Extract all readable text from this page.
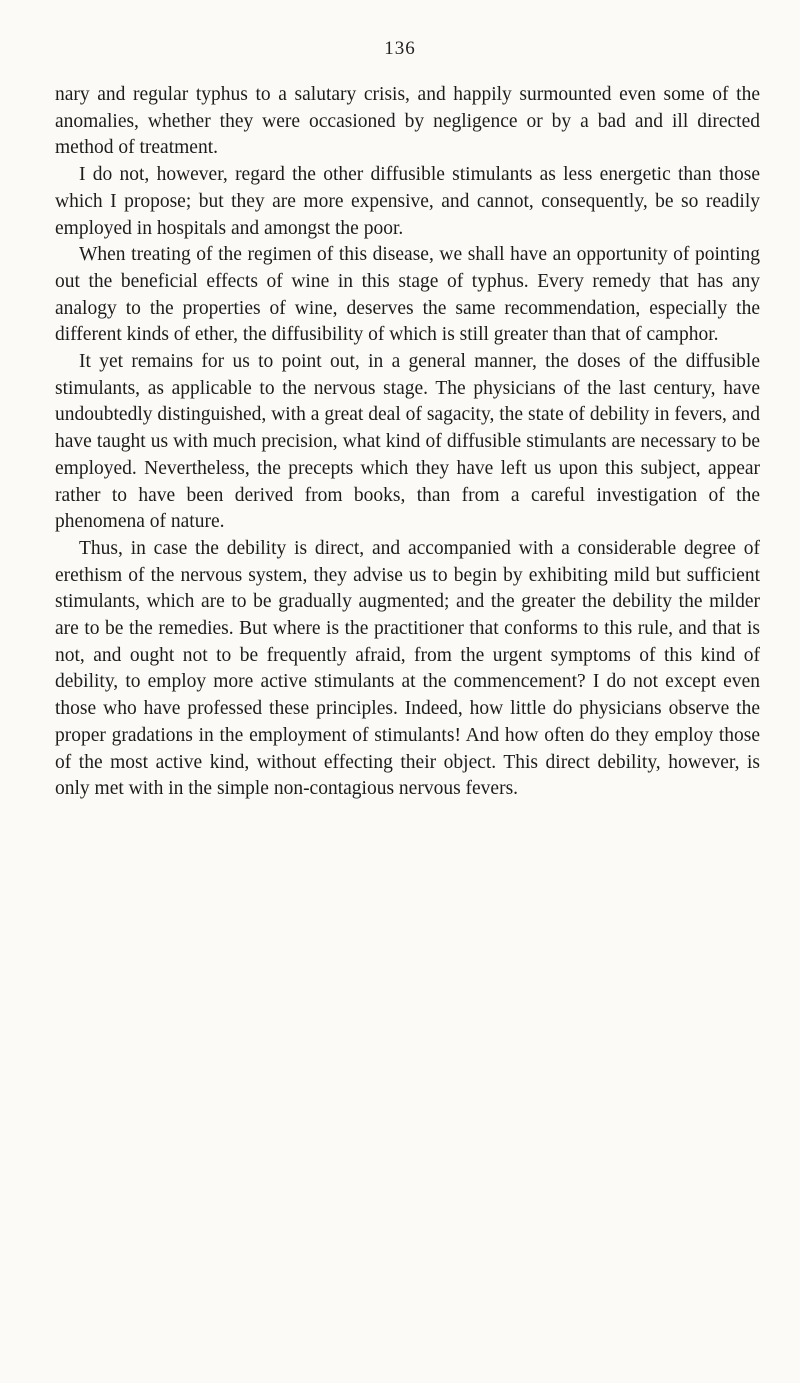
136

nary and regular typhus to a salutary crisis, and happily surmounted even some of the anomalies, whether they were occasioned by negligence or by a bad and ill directed method of treatment.

I do not, however, regard the other diffusible stimulants as less energetic than those which I propose; but they are more expensive, and cannot, consequently, be so readily employed in hospitals and amongst the poor.

When treating of the regimen of this disease, we shall have an opportunity of pointing out the beneficial effects of wine in this stage of typhus. Every remedy that has any analogy to the properties of wine, deserves the same recommendation, especially the different kinds of ether, the diffusibility of which is still greater than that of camphor.

It yet remains for us to point out, in a general manner, the doses of the diffusible stimulants, as applicable to the nervous stage. The physicians of the last century, have undoubtedly distinguished, with a great deal of sagacity, the state of debility in fevers, and have taught us with much precision, what kind of diffusible stimulants are necessary to be employed. Nevertheless, the precepts which they have left us upon this subject, appear rather to have been derived from books, than from a careful investigation of the phenomena of nature.

Thus, in case the debility is direct, and accompanied with a considerable degree of erethism of the nervous system, they advise us to begin by exhibiting mild but sufficient stimulants, which are to be gradually augmented; and the greater the debility the milder are to be the remedies. But where is the practitioner that conforms to this rule, and that is not, and ought not to be frequently afraid, from the urgent symptoms of this kind of debility, to employ more active stimulants at the commencement? I do not except even those who have professed these principles. Indeed, how little do physicians observe the proper gradations in the employment of stimulants! And how often do they employ those of the most active kind, without effecting their object. This direct debility, however, is only met with in the simple non-contagious nervous fevers.
